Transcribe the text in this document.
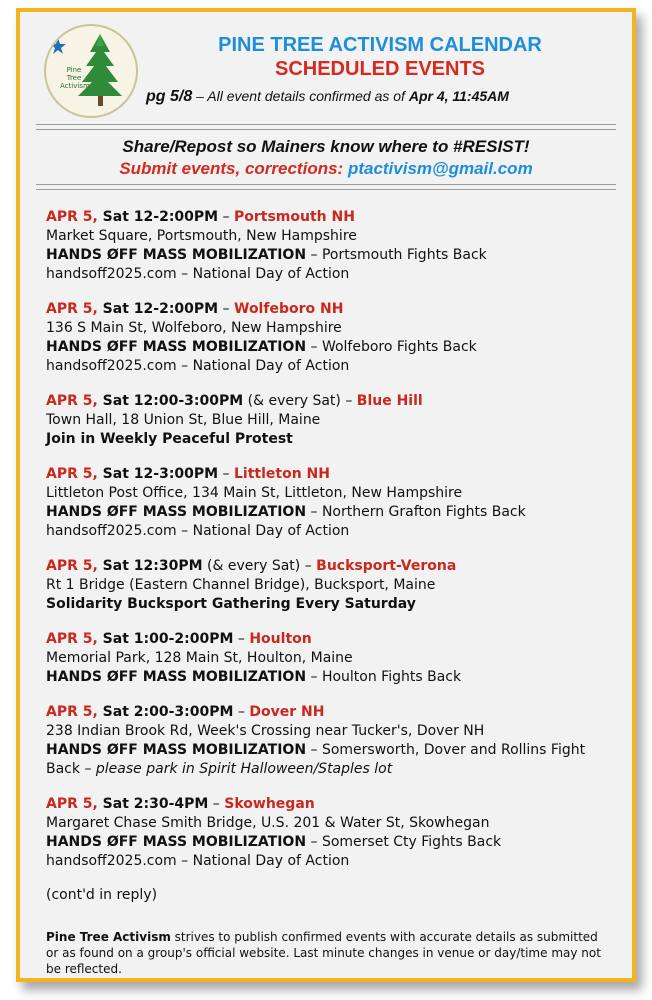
Pine Tree
Activism
PINE TREE ACTIVISM CALENDAR
SCHEDULED EVENTS
pg 5/8 – All event details confirmed as of Apr 4, 11:45AM
Share/Repost so Mainers know where to #RESIST!
Submit events, corrections: ptactivism@gmail.com
APR 5, Sat 12-2:00PM – Portsmouth NH
Market Square, Portsmouth, New Hampshire
HANDS ØFF MASS MOBILIZATION – Portsmouth Fights Back
handsoff2025.com – National Day of Action
APR 5, Sat 12-2:00PM – Wolfeboro NH
136 S Main St, Wolfeboro, New Hampshire
HANDS ØFF MASS MOBILIZATION – Wolfeboro Fights Back
handsoff2025.com – National Day of Action
APR 5, Sat 12:00-3:00PM (& every Sat) – Blue Hill
Town Hall, 18 Union St, Blue Hill, Maine
Join in Weekly Peaceful Protest
APR 5, Sat 12-3:00PM – Littleton NH
Littleton Post Office, 134 Main St, Littleton, New Hampshire
HANDS ØFF MASS MOBILIZATION – Northern Grafton Fights Back
handsoff2025.com – National Day of Action
APR 5, Sat 12:30PM (& every Sat) – Bucksport-Verona
Rt 1 Bridge (Eastern Channel Bridge), Bucksport, Maine
Solidarity Bucksport Gathering Every Saturday
APR 5, Sat 1:00-2:00PM – Houlton
Memorial Park, 128 Main St, Houlton, Maine
HANDS ØFF MASS MOBILIZATION – Houlton Fights Back
APR 5, Sat 2:00-3:00PM – Dover NH
238 Indian Brook Rd, Week's Crossing near Tucker's, Dover NH
HANDS ØFF MASS MOBILIZATION – Somersworth, Dover and Rollins Fight Back – please park in Spirit Halloween/Staples lot
APR 5, Sat 2:30-4PM – Skowhegan
Margaret Chase Smith Bridge, U.S. 201 & Water St, Skowhegan
HANDS ØFF MASS MOBILIZATION – Somerset Cty Fights Back
handsoff2025.com – National Day of Action
(cont'd in reply)
Pine Tree Activism strives to publish confirmed events with accurate details as submitted or as found on a group's official website. Last minute changes in venue or day/time may not be reflected.
